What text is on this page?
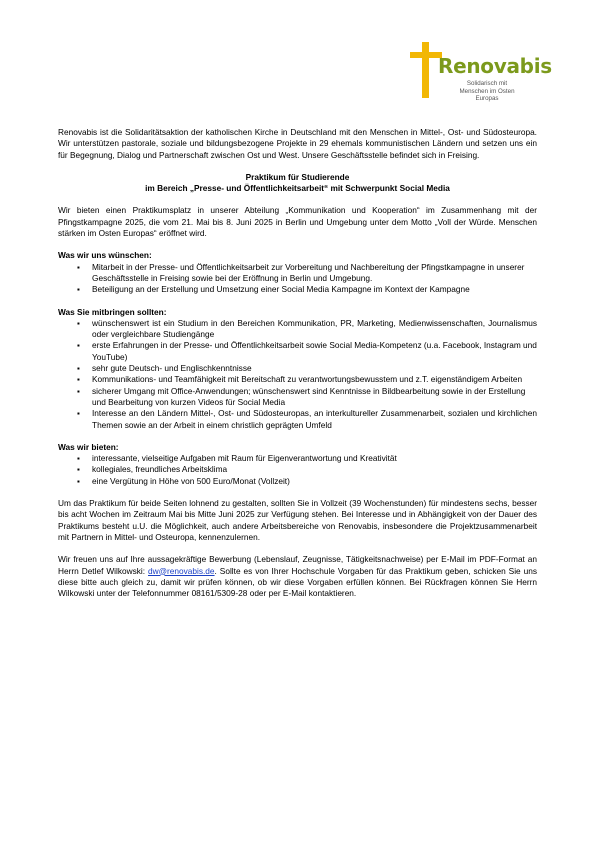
Renovabis
Solidarisch mit Menschen im Osten Europas

Renovabis ist die Solidaritätsaktion der katholischen Kirche in Deutschland mit den Menschen in Mittel-, Ost- und Südosteuropa. Wir unterstützen pastorale, soziale und bildungsbezogene Projekte in 29 ehemals kommunistischen Ländern und setzen uns ein für Begegnung, Dialog und Partnerschaft zwischen Ost und West. Unsere Geschäftsstelle befindet sich in Freising.

Praktikum für Studierende

im Bereich „Presse- und Öffentlichkeitsarbeit“ mit Schwerpunkt Social Media

Wir bieten einen Praktikumsplatz in unserer Abteilung „Kommunikation und Kooperation“ im Zusammenhang mit der Pfingstkampagne 2025, die vom 21. Mai bis 8. Juni 2025 in Berlin und Umgebung unter dem Motto „Voll der Würde. Menschen stärken im Osten Europas“ eröffnet wird.

Was wir uns wünschen:

▪ Mitarbeit in der Presse- und Öffentlichkeitsarbeit zur Vorbereitung und Nachbereitung der Pfingstkampagne in unserer Geschäftsstelle in Freising sowie bei der Eröffnung in Berlin und Umgebung.
▪ Beteiligung an der Erstellung und Umsetzung einer Social Media Kampagne im Kontext der Kampagne

Was Sie mitbringen sollten:

▪ wünschenswert ist ein Studium in den Bereichen Kommunikation, PR, Marketing, Medienwissenschaften, Journalismus oder vergleichbare Studiengänge
▪ erste Erfahrungen in der Presse- und Öffentlichkeitsarbeit sowie Social Media-Kompetenz (u.a. Facebook, Instagram und YouTube)
▪ sehr gute Deutsch- und Englischkenntnisse
▪ Kommunikations- und Teamfähigkeit mit Bereitschaft zu verantwortungsbewusstem und z.T. eigenständigem Arbeiten
▪ sicherer Umgang mit Office-Anwendungen; wünschenswert sind Kenntnisse in Bildbearbeitung sowie in der Erstellung und Bearbeitung von kurzen Videos für Social Media
▪ Interesse an den Ländern Mittel-, Ost- und Südosteuropas, an interkultureller Zusammenarbeit, sozialen und kirchlichen Themen sowie an der Arbeit in einem christlich geprägten Umfeld

Was wir bieten:

▪ interessante, vielseitige Aufgaben mit Raum für Eigenverantwortung und Kreativität
▪ kollegiales, freundliches Arbeitsklima
▪ eine Vergütung in Höhe von 500 Euro/Monat (Vollzeit)

Um das Praktikum für beide Seiten lohnend zu gestalten, sollten Sie in Vollzeit (39 Wochenstunden) für mindestens sechs, besser bis acht Wochen im Zeitraum Mai bis Mitte Juni 2025 zur Verfügung stehen. Bei Interesse und in Abhängigkeit von der Dauer des Praktikums besteht u.U. die Möglichkeit, auch andere Arbeitsbereiche von Renovabis, insbesondere die Projektzusammenarbeit mit Partnern in Mittel- und Osteuropa, kennenzulernen.

Wir freuen uns auf Ihre aussagekräftige Bewerbung (Lebenslauf, Zeugnisse, Tätigkeitsnachweise) per E-Mail im PDF-Format an Herrn Detlef Wilkowski: dw@renovabis.de. Sollte es von Ihrer Hochschule Vorgaben für das Praktikum geben, schicken Sie uns diese bitte auch gleich zu, damit wir prüfen können, ob wir diese Vorgaben erfüllen können. Bei Rückfragen können Sie Herrn Wilkowski unter der Telefonnummer 08161/5309-28 oder per E-Mail kontaktieren.
